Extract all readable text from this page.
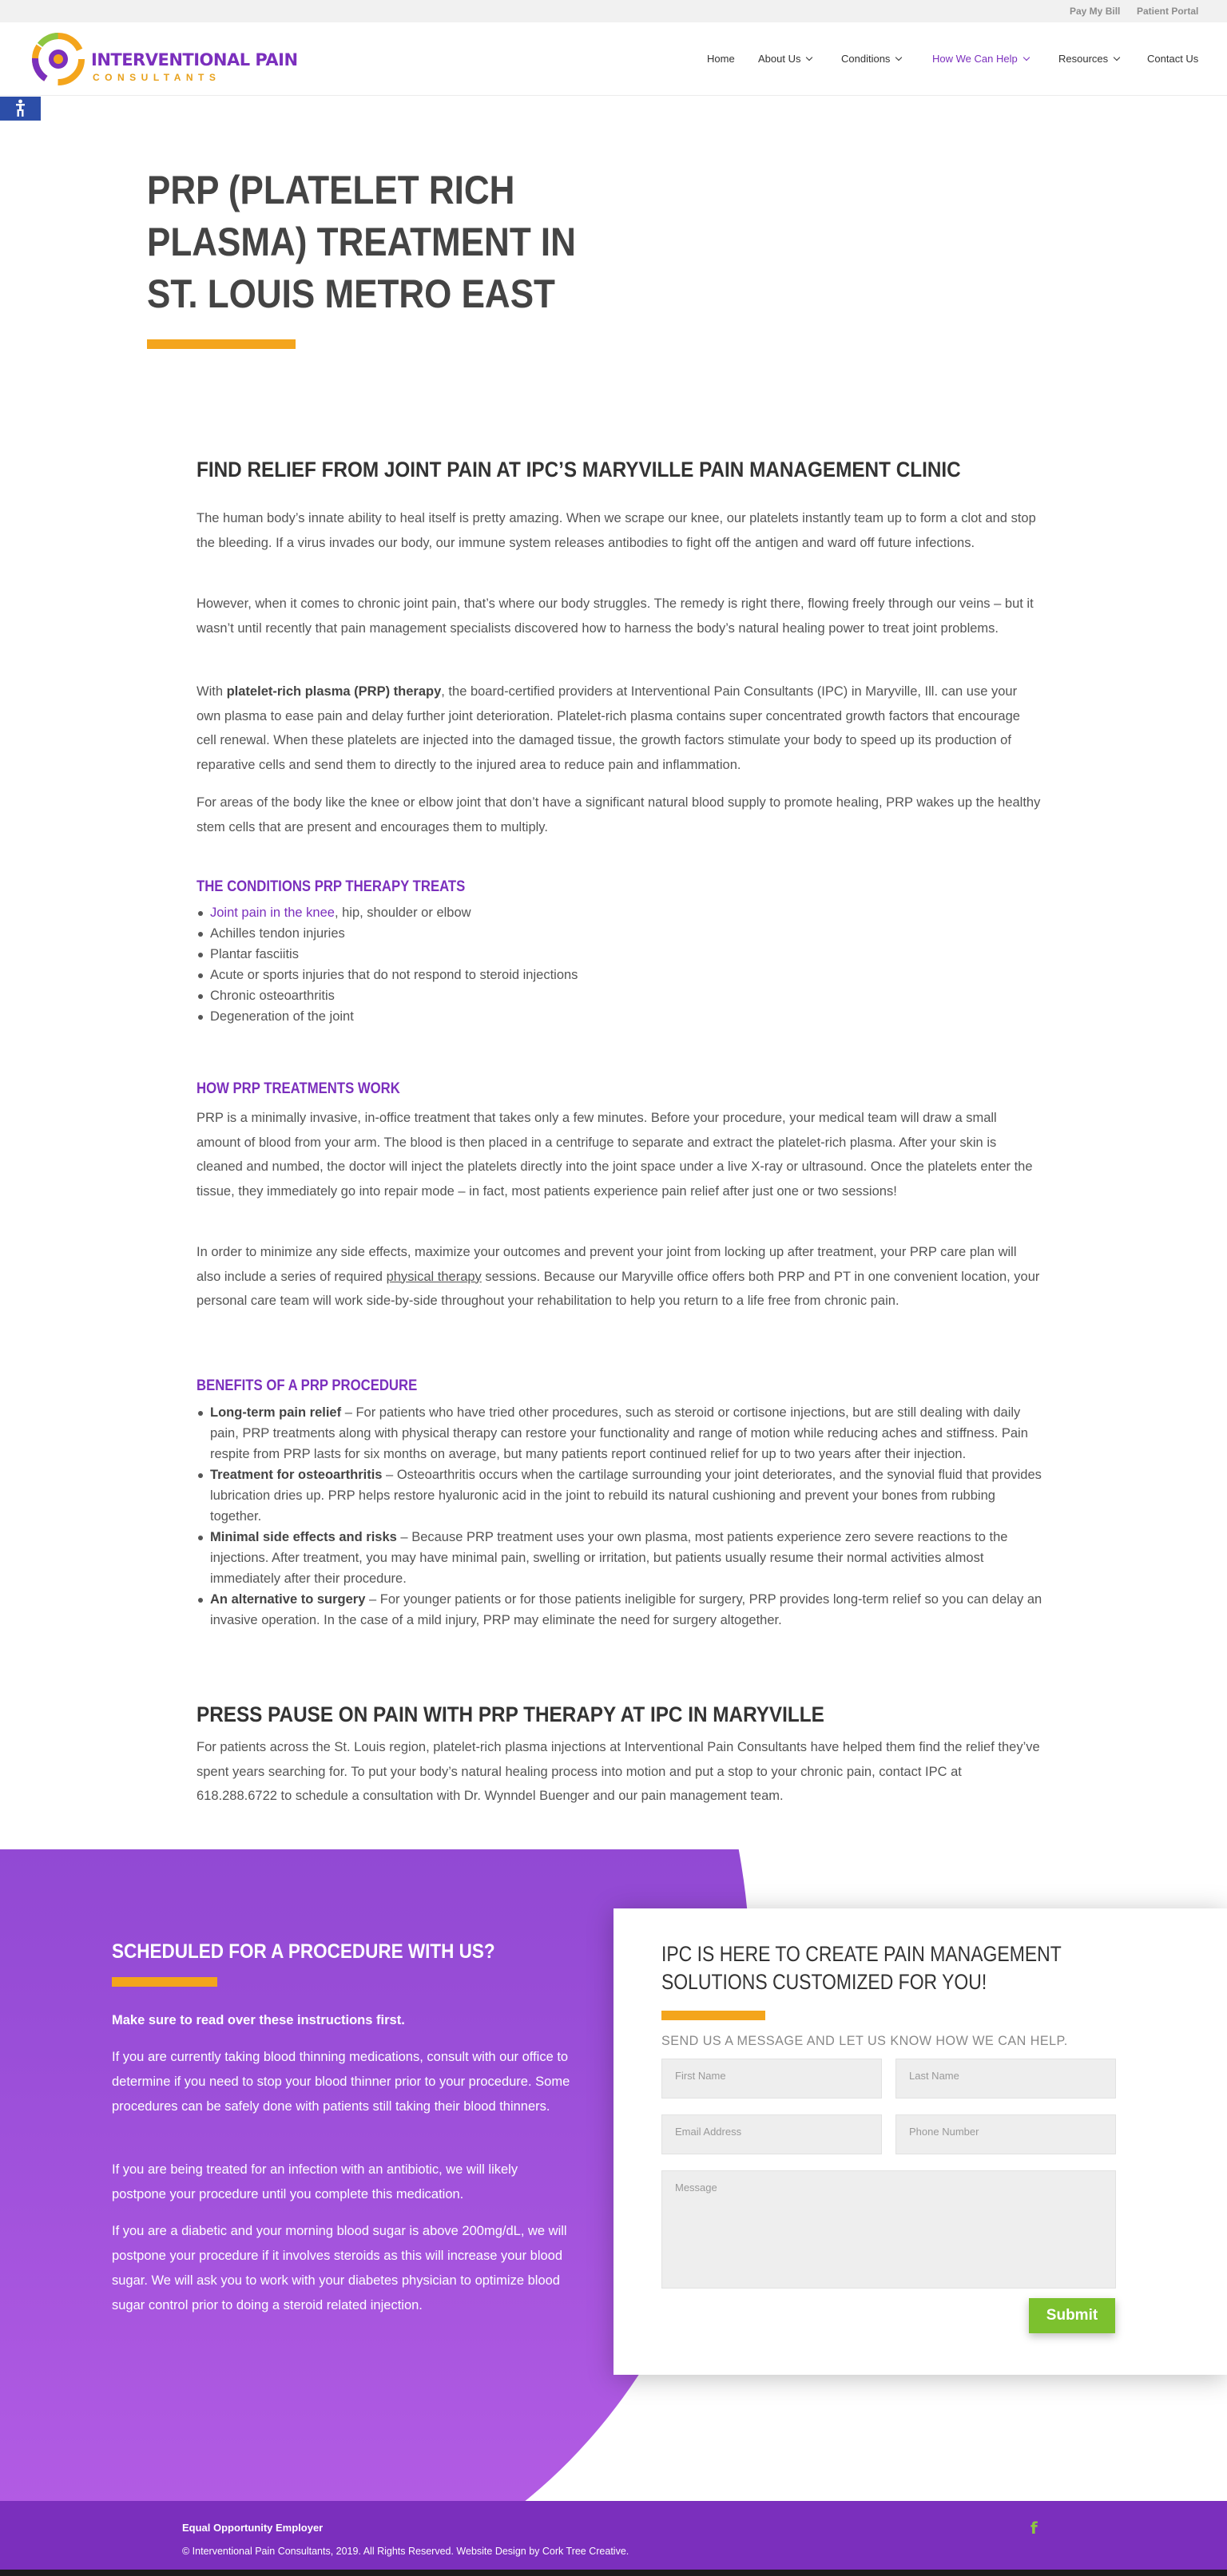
Pay My Bill Patient Portal
INTERVENTIONAL PAIN
CONSULTANTS
Home About Us	Conditions	How We Can Help	Resources	Contact Us
PRP (PLATELET RICH PLASMA) TREATMENT IN ST. LOUIS METRO EAST
FIND RELIEF FROM JOINT PAIN AT IPC’S MARYVILLE PAIN MANAGEMENT CLINIC

The human body’s innate ability to heal itself is pretty amazing. When we scrape our knee, our platelets instantly team up to form a clot and stop the bleeding. If a virus invades our body, our immune system releases antibodies to fight off the antigen and ward off future infections.

However, when it comes to chronic joint pain, that’s where our body struggles. The remedy is right there, flowing freely through our veins – but it wasn’t until recently that pain management specialists discovered how to harness the body’s natural healing power to treat joint problems.

With platelet-rich plasma (PRP) therapy, the board-certified providers at Interventional Pain Consultants (IPC) in Maryville, Ill. can use your own plasma to ease pain and delay further joint deterioration. Platelet-rich plasma contains super concentrated growth factors that encourage cell renewal. When these platelets are injected into the damaged tissue, the growth factors stimulate your body to speed up its production of reparative cells and send them to directly to the injured area to reduce pain and inflammation.

For areas of the body like the knee or elbow joint that don’t have a significant natural blood supply to promote healing, PRP wakes up the healthy stem cells that are present and encourages them to multiply.

THE CONDITIONS PRP THERAPY TREATS
Joint pain in the knee, hip, shoulder or elbow
Achilles tendon injuries
Plantar fasciitis
Acute or sports injuries that do not respond to steroid injections
Chronic osteoarthritis
Degeneration of the joint
HOW PRP TREATMENTS WORK

PRP is a minimally invasive, in-office treatment that takes only a few minutes. Before your procedure, your medical team will draw a small amount of blood from your arm. The blood is then placed in a centrifuge to separate and extract the platelet-rich plasma. After your skin is cleaned and numbed, the doctor will inject the platelets directly into the joint space under a live X-ray or ultrasound. Once the platelets enter the tissue, they immediately go into repair mode – in fact, most patients experience pain relief after just one or two sessions!

In order to minimize any side effects, maximize your outcomes and prevent your joint from locking up after treatment, your PRP care plan will also include a series of required physical therapy sessions. Because our Maryville office offers both PRP and PT in one convenient location, your personal care team will work side-by-side throughout your rehabilitation to help you return to a life free from chronic pain.

BENEFITS OF A PRP PROCEDURE
Long-term pain relief – For patients who have tried other procedures, such as steroid or cortisone injections, but are still dealing with daily pain, PRP treatments along with physical therapy can restore your functionality and range of motion while reducing aches and stiffness. Pain respite from PRP lasts for six months on average, but many patients report continued relief for up to two years after their injection.
Treatment for osteoarthritis – Osteoarthritis occurs when the cartilage surrounding your joint deteriorates, and the synovial fluid that provides lubrication dries up. PRP helps restore hyaluronic acid in the joint to rebuild its natural cushioning and prevent your bones from rubbing together.
Minimal side effects and risks – Because PRP treatment uses your own plasma, most patients experience zero severe reactions to the injections. After treatment, you may have minimal pain, swelling or irritation, but patients usually resume their normal activities almost immediately after their procedure.
An alternative to surgery – For younger patients or for those patients ineligible for surgery, PRP provides long-term relief so you can delay an invasive operation. In the case of a mild injury, PRP may eliminate the need for surgery altogether.
PRESS PAUSE ON PAIN WITH PRP THERAPY AT IPC IN MARYVILLE

For patients across the St. Louis region, platelet-rich plasma injections at Interventional Pain Consultants have helped them find the relief they’ve spent years searching for. To put your body’s natural healing process into motion and put a stop to your chronic pain, contact IPC at 618.288.6722 to schedule a consultation with Dr. Wynndel Buenger and our pain management team.

SCHEDULED FOR A PROCEDURE WITH US?
Make sure to read over these instructions first.
If you are currently taking blood thinning medications, consult with our office to determine if you need to stop your blood thinner prior to your procedure. Some procedures can be safely done with patients still taking their blood thinners.
If you are being treated for an infection with an antibiotic, we will likely postpone your procedure until you complete this medication.
If you are a diabetic and your morning blood sugar is above 200mg/dL, we will postpone your procedure if it involves steroids as this will increase your blood sugar. We will ask you to work with your diabetes physician to optimize blood sugar control prior to doing a steroid related injection.
IPC IS HERE TO CREATE PAIN MANAGEMENT SOLUTIONS CUSTOMIZED FOR YOU!
SEND US A MESSAGE AND LET US KNOW HOW WE CAN HELP.
First Name	Last Name
Email Address	Phone Number
Message
Submit
Equal Opportunity Employer
© Interventional Pain Consultants, 2019. All Rights Reserved. Website Design by Cork Tree Creative.
f
